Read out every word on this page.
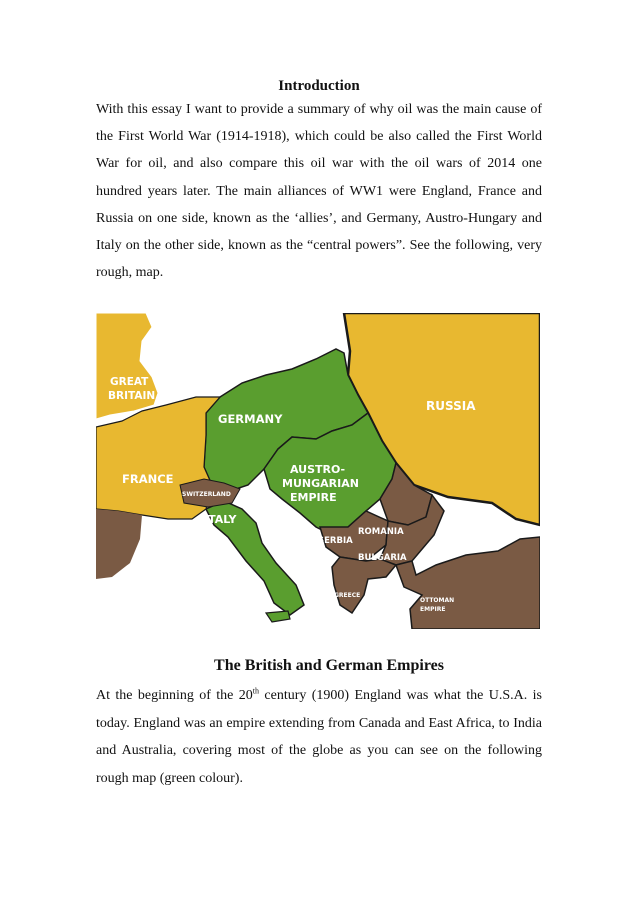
Introduction

With this essay I want to provide a summary of why oil was the main cause of the First World War (1914-1918), which could be also called the First World War for oil, and also compare this oil war with the oil wars of 2014 one hundred years later. The main alliances of WW1 were England, France and Russia on one side, known as the ‘allies’, and Germany, Austro-Hungary and Italy on the other side, known as the “central powers”. See the following, very rough, map.

GREAT
BRITAIN
FRANCE
GERMANY
RUSSIA
AUSTRO-
MUNGARIAN
EMPIRE
SWITZERLAND
ITALY
SERBIA
ROMANIA
BULGARIA
GREECE
OTTOMAN
EMPIRE
The British and German Empires

At the beginning of the 20th century (1900) England was what the U.S.A. is today. England was an empire extending from Canada and East Africa, to India and Australia, covering most of the globe as you can see on the following rough map (green colour).
